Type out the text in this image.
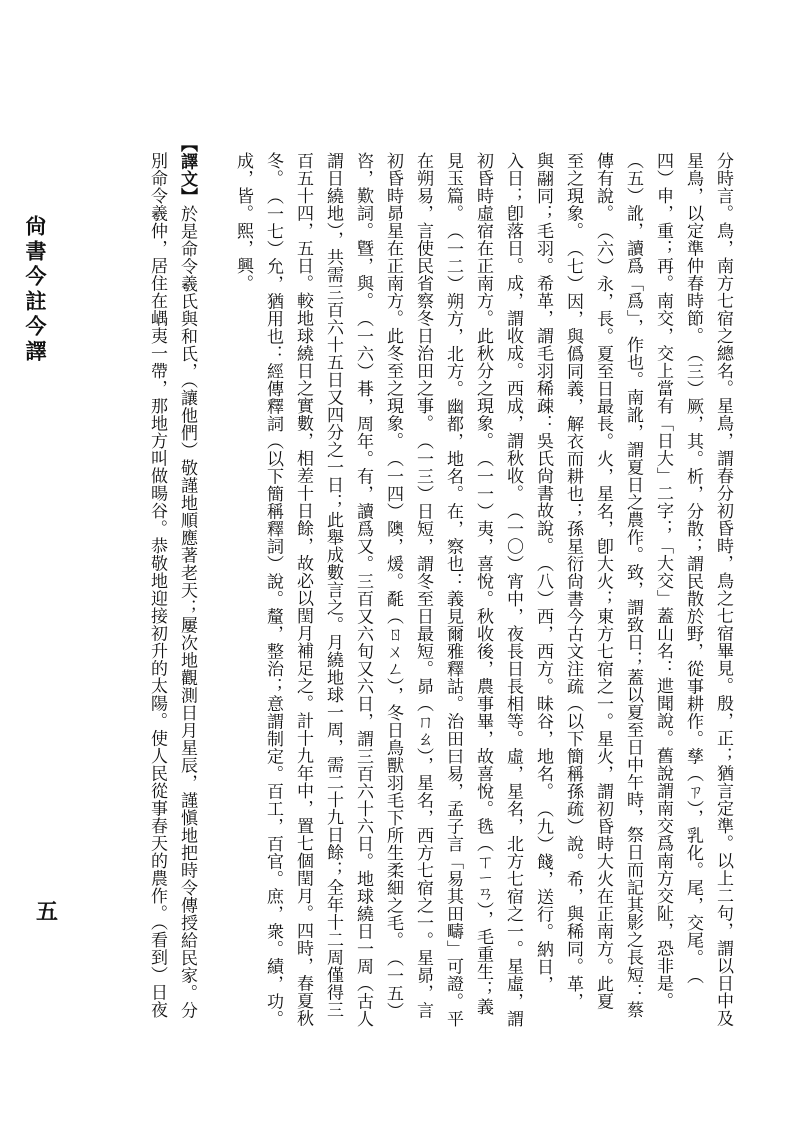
尙書今註今譯
五	分時言。鳥，南方七宿之總名。星鳥，謂春分初昏時，鳥之七宿畢見。殷，正；猶言定準。以上二句，謂以日中及
星鳥，以定準仲春時節。　（三）厥，其。析，分散；謂民散於野，從事耕作。孳（ㄗ），乳化。尾，交尾。　（
四）申，重；再。南交，交上當有「日大」二字；「大交」蓋山名：迣聞說。舊說謂南交爲南方交阯，恐非是。
（五）訛，讀爲「爲」，作也。南訛，謂夏日之農作。致，謂致日；蓋以夏至日中午時，祭日而記其影之長短：蔡
傳有說。　（六）永，長。夏至日最長。火，星名，卽大火；東方七宿之一。星火，謂初昏時大火在正南方。此夏
至之現象。　（七）因，與僞同義，解衣而耕也；孫星衍尙書今古文注疏（以下簡稱孫疏）說。希，與稀同。革，
與翮同；毛羽。希革，謂毛羽稀疎：吳氏尙書故說。　（八）西，西方。昧谷，地名。　（九）餞，送行。納日，
入日；卽落日。成，謂收成。西成，謂秋收。　（一〇）宵中，夜長日長相等。虛，星名，北方七宿之一。星虛，謂
初昏時虛宿在正南方。此秋分之現象。　（一一）夷，喜悅。秋收後，農事畢，故喜悅。毨（ㄒㄧㄢ），毛重生；義
見玉篇。　（一二）朔方，北方。幽都，地名。在，察也：義見爾雅釋詁。治田曰易，孟子言「易其田疇」可證。平
在朔易，言使民省察冬日治田之事。　（一三）日短，謂冬至日最短。昴（ㄇㄠ），星名，西方七宿之一。星昴，言
初昏時昴星在正南方。此冬至之現象。　（一四）隩，煖。氄（ㄖㄨㄥ），冬日鳥獸羽毛下所生柔細之毛。　（一五）
咨，歎詞。曁，與。　（一六）朞，周年。有，讀爲又。三百又六旬又六日，謂三百六十六日。地球繞日一周（古人
謂日繞地），共需三百六十五日又四分之一日；此舉成數言之。月繞地球一周，需二十九日餘；全年十二周僅得三
百五十四，五日。較地球繞日之實數，相差十日餘，故必以閏月補足之。計十九年中，置七個閏月。四時，春夏秋
冬。　（一七）允，猶用也：經傳釋詞（以下簡稱釋詞）說。釐，整治；意謂制定。百工，百官。庶，衆。績，功。
成，皆。熙，興。
【譯文】於是命令羲氏與和氏，（讓他們）敬謹地順應著老天；屢次地觀測日月星辰，謹愼地把時令傳授給民家。分
別命令羲仲，居住在嵎夷一帶，那地方叫做暘谷。恭敬地迎接初升的太陽。使人民從事春天的農作。（看到）日夜
